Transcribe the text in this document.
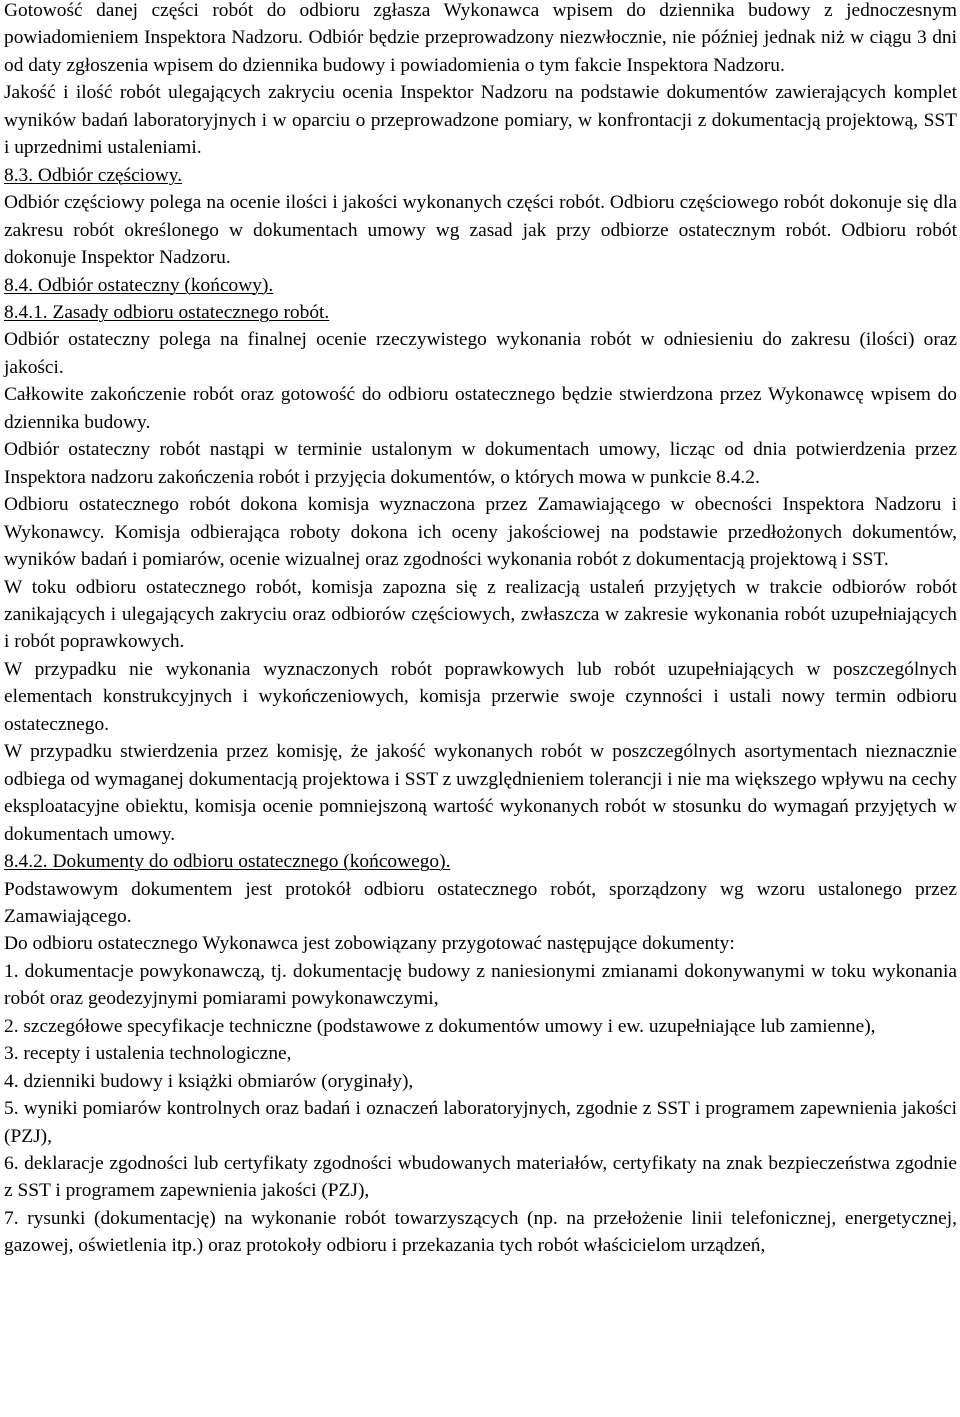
Gotowość danej części robót do odbioru zgłasza Wykonawca wpisem do dziennika budowy z jednoczesnym powiadomieniem Inspektora Nadzoru. Odbiór będzie przeprowadzony niezwłocznie, nie później jednak niż w ciągu 3 dni od daty zgłoszenia wpisem do dziennika budowy i powiadomienia o tym fakcie Inspektora Nadzoru.

Jakość i ilość robót ulegających zakryciu ocenia Inspektor Nadzoru na podstawie dokumentów zawierających komplet wyników badań laboratoryjnych i w oparciu o przeprowadzone pomiary, w konfrontacji z dokumentacją projektową, SST i uprzednimi ustaleniami.

8.3. Odbiór częściowy.

Odbiór częściowy polega na ocenie ilości i jakości wykonanych części robót. Odbioru częściowego robót dokonuje się dla zakresu robót określonego w dokumentach umowy wg zasad jak przy odbiorze ostatecznym robót. Odbioru robót dokonuje Inspektor Nadzoru.

8.4. Odbiór ostateczny (końcowy).

8.4.1. Zasady odbioru ostatecznego robót.

Odbiór ostateczny polega na finalnej ocenie rzeczywistego wykonania robót w odniesieniu do zakresu (ilości) oraz jakości.

Całkowite zakończenie robót oraz gotowość do odbioru ostatecznego będzie stwierdzona przez Wykonawcę wpisem do dziennika budowy.

Odbiór ostateczny robót nastąpi w terminie ustalonym w dokumentach umowy, licząc od dnia potwierdzenia przez Inspektora nadzoru zakończenia robót i przyjęcia dokumentów, o których mowa w punkcie 8.4.2.

Odbioru ostatecznego robót dokona komisja wyznaczona przez Zamawiającego w obecności Inspektora Nadzoru i Wykonawcy. Komisja odbierająca roboty dokona ich oceny jakościowej na podstawie przedłożonych dokumentów, wyników badań i pomiarów, ocenie wizualnej oraz zgodności wykonania robót z dokumentacją projektową i SST.

W toku odbioru ostatecznego robót, komisja zapozna się z realizacją ustaleń przyjętych w trakcie odbiorów robót zanikających i ulegających zakryciu oraz odbiorów częściowych, zwłaszcza w zakresie wykonania robót uzupełniających i robót poprawkowych.

W przypadku nie wykonania wyznaczonych robót poprawkowych lub robót uzupełniających w poszczególnych elementach konstrukcyjnych i wykończeniowych, komisja przerwie swoje czynności i ustali nowy termin odbioru ostatecznego.

W przypadku stwierdzenia przez komisję, że jakość wykonanych robót w poszczególnych asortymentach nieznacznie odbiega od wymaganej dokumentacją projektowa i SST z uwzględnieniem tolerancji i nie ma większego wpływu na cechy eksploatacyjne obiektu, komisja ocenie pomniejszoną wartość wykonanych robót w stosunku do wymagań przyjętych w dokumentach umowy.

8.4.2. Dokumenty do odbioru ostatecznego (końcowego).

Podstawowym dokumentem jest protokół odbioru ostatecznego robót, sporządzony wg wzoru ustalonego przez Zamawiającego.

Do odbioru ostatecznego Wykonawca jest zobowiązany przygotować następujące dokumenty:

1. dokumentacje powykonawczą, tj. dokumentację budowy z naniesionymi zmianami dokonywanymi w toku wykonania robót oraz geodezyjnymi pomiarami powykonawczymi,

2. szczegółowe specyfikacje techniczne (podstawowe z dokumentów umowy i ew. uzupełniające lub zamienne),

3. recepty i ustalenia technologiczne,

4. dzienniki budowy i książki obmiarów (oryginały),

5. wyniki pomiarów kontrolnych oraz badań i oznaczeń laboratoryjnych, zgodnie z SST i programem zapewnienia jakości (PZJ),

6. deklaracje zgodności lub certyfikaty zgodności wbudowanych materiałów, certyfikaty na znak bezpieczeństwa zgodnie z SST i programem zapewnienia jakości (PZJ),

7. rysunki (dokumentację) na wykonanie robót towarzyszących (np. na przełożenie linii telefonicznej, energetycznej, gazowej, oświetlenia itp.) oraz protokoły odbioru i przekazania tych robót właścicielom urządzeń,
